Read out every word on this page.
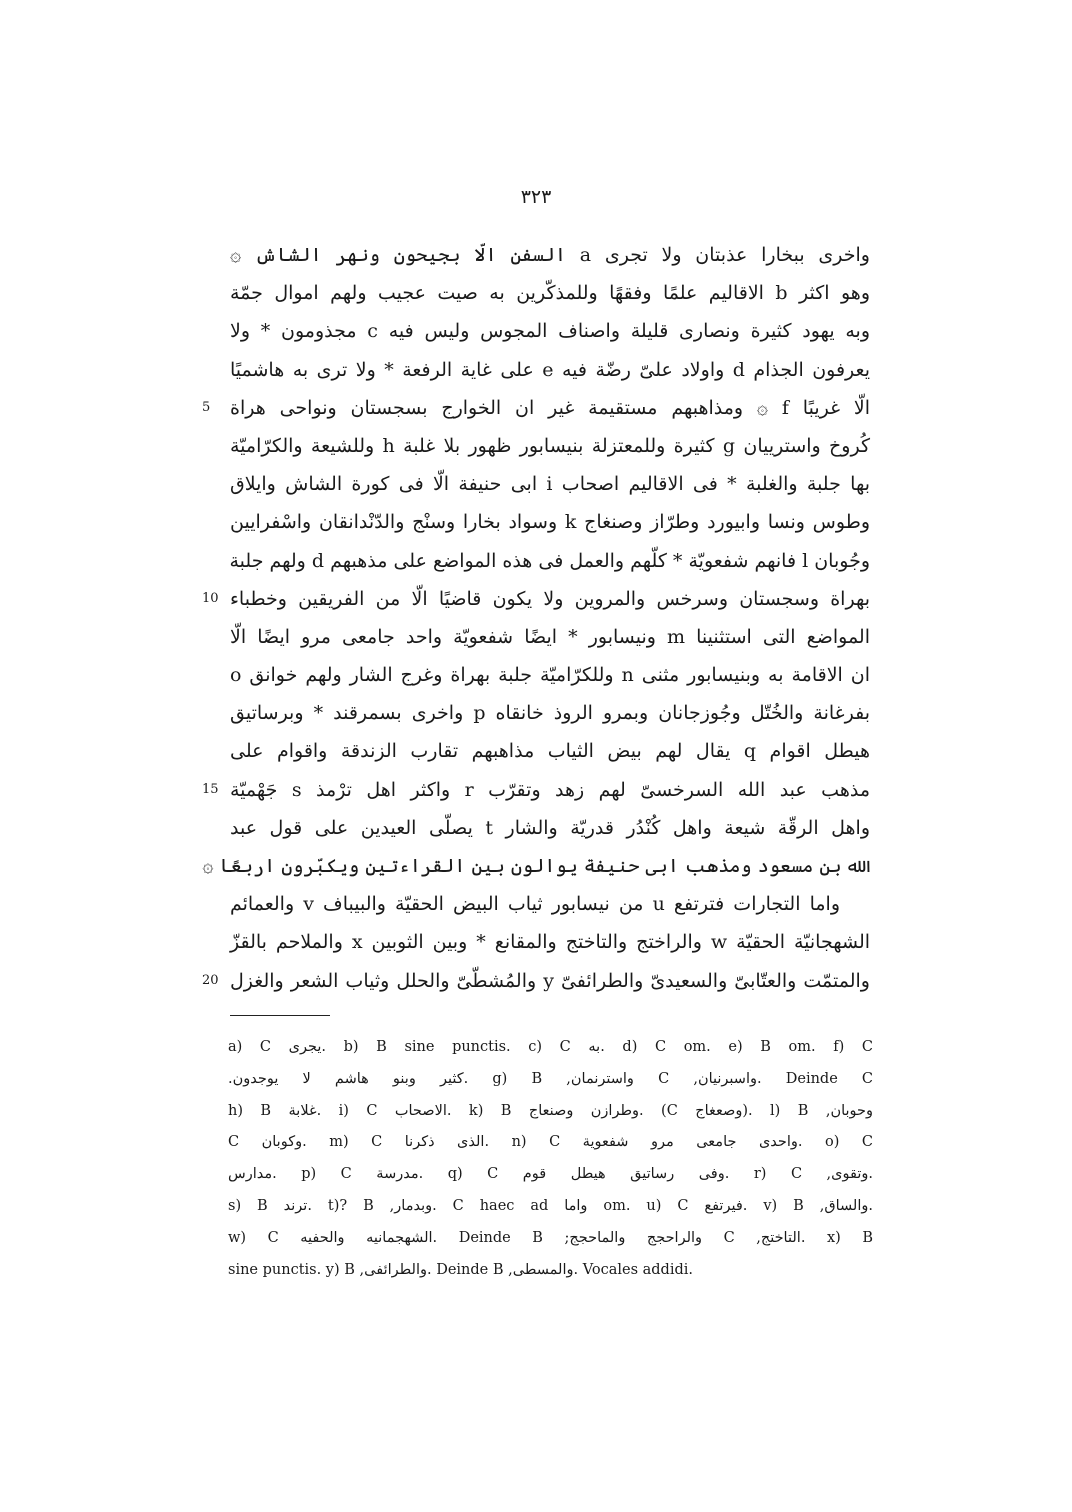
٣٢٣
واخرى ببخارا عذبتان ولا تجرى a السفن الّا بجيحون ونهر الشاش ۞
وهو اكثر b الاقاليم علمًا وفقهًا وللمذكّرين به صيت عجيب ولهم اموال جمّة
وبه يهود كثيرة ونصارى قليلة واصناف المجوس وليس فيه c مجذومون * ولا
يعرفون الجذام d واولاد علىّ رضّة فيه e على غاية الرفعة * ولا ترى به هاشميًا
الّا غريبًا f ۞ ومذاهبهم مستقيمة غير ان الخوارج بسجستان ونواحى هراة
5
كُروخ واسترييان g كثيرة وللمعتزلة بنيسابور ظهور بلا غلبة h وللشيعة والكرّاميّة
بها جلبة والغلبة * فى الاقاليم اصحاب i ابى حنيفة الّا فى كورة الشاش وايلاق
وطوس ونسا وابيورد وطرّاز وصنغاج k وسواد بخارا وسنْج والدّنْدانقان واسْفرايين
وجُوبان l فانهم شفعويّة * كلّهم والعمل فى هذه المواضع على مذهبهم d ولهم جلبة
بهراة وسجستان وسرخس والمروين ولا يكون قاضيًا الّا من الفريقين وخطباء
10
المواضع التى استثنينا m ونيسابور * ايضًا شفعويّة واحد جامعى مرو ايضًا الّا
ان الاقامة به وبنيسابور مثنى n وللكرّاميّة جلبة بهراة وغرج الشار ولهم خوانق o
بفرغانة والخُتّل وجُوزجانان وبمرو الروذ خانقاه p واخرى بسمرقند * وبرساتيق
هيطل اقوام q يقال لهم بيض الثياب مذاهبهم تقارب الزندقة واقوام على
مذهب عبد الله السرخسىّ لهم زهد وتقرّب r واكثر اهل ترْمذ s جَهْميّة
15
واهل الرقّة شيعة واهل كُنْدُر قدريّة والشار t يصلّى العيدين على قول عبد
الله بن مسعود ومذهب ابى حنيفة يوالون بين القراءتين ويكبّرون اربعًا ۞
واما التجارات فترتفع u من نيسابور ثياب البيض الحقيّة والبيباف v والعمائم
الشهجانيّة الحقيّة w والراختج والتاختج والمقانع * وبين الثوبين x والملاحم بالقزّ
والمتمّت والعتّابىّ والسعيدىّ والطرائفىّ y والمُشطّىّ والحلل وثياب الشعر والغزل
20
a) C يجرى. b) B sine punctis. c) C به. d) C om. e) B om. f) C
.كثير وبنو هاشم لا يوجدون. g) B ,واسترنمان C ,واسبرنيان. Deinde C
h) B غلابة. i) C الاصحاب. k) B وطرازن وصنعاج. (C وصعغاج). l) B ,وحوبان
C وكوبان. m) C الذى ذكرنا. n) C واحدى جامعى مرو شفعوية. o) C
مدارس. p) C مدرسة. q) C وفى رساتيق هيطل قوم. r) C ,وتقوى.
s) B ترند. t)? B ,وبدمار. C haec ad واما om. u) C فيرتفع. v) B ,والساق.
w) C الشهجمانيه والحفيه. Deinde B ;والراحجج والماحجج C ,التاختج. x) B
sine punctis. y) B ,والطرائفى. Deinde B ,والمسطى. Vocales addidi.
